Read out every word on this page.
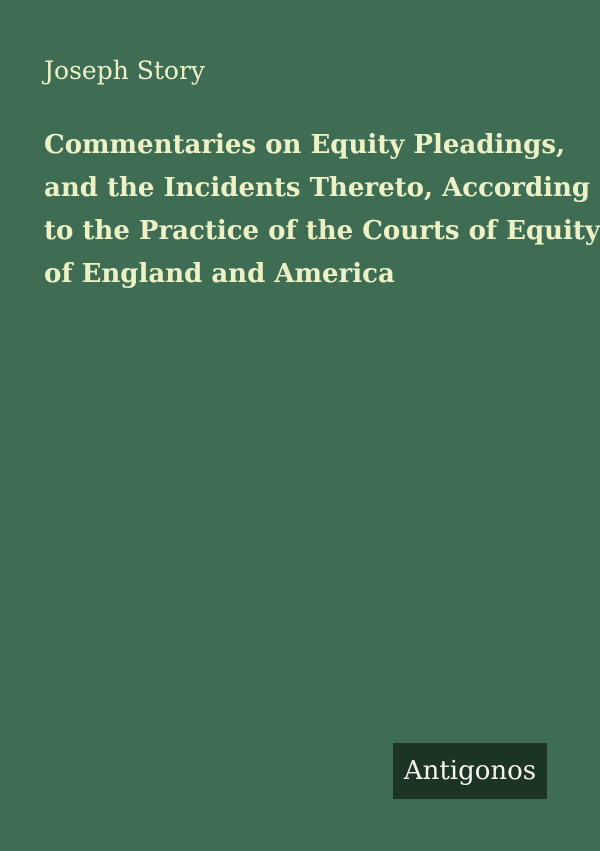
Joseph Story
Commentaries on Equity Pleadings,
and the Incidents Thereto, According
to the Practice of the Courts of Equity
of England and America
Antigonos
